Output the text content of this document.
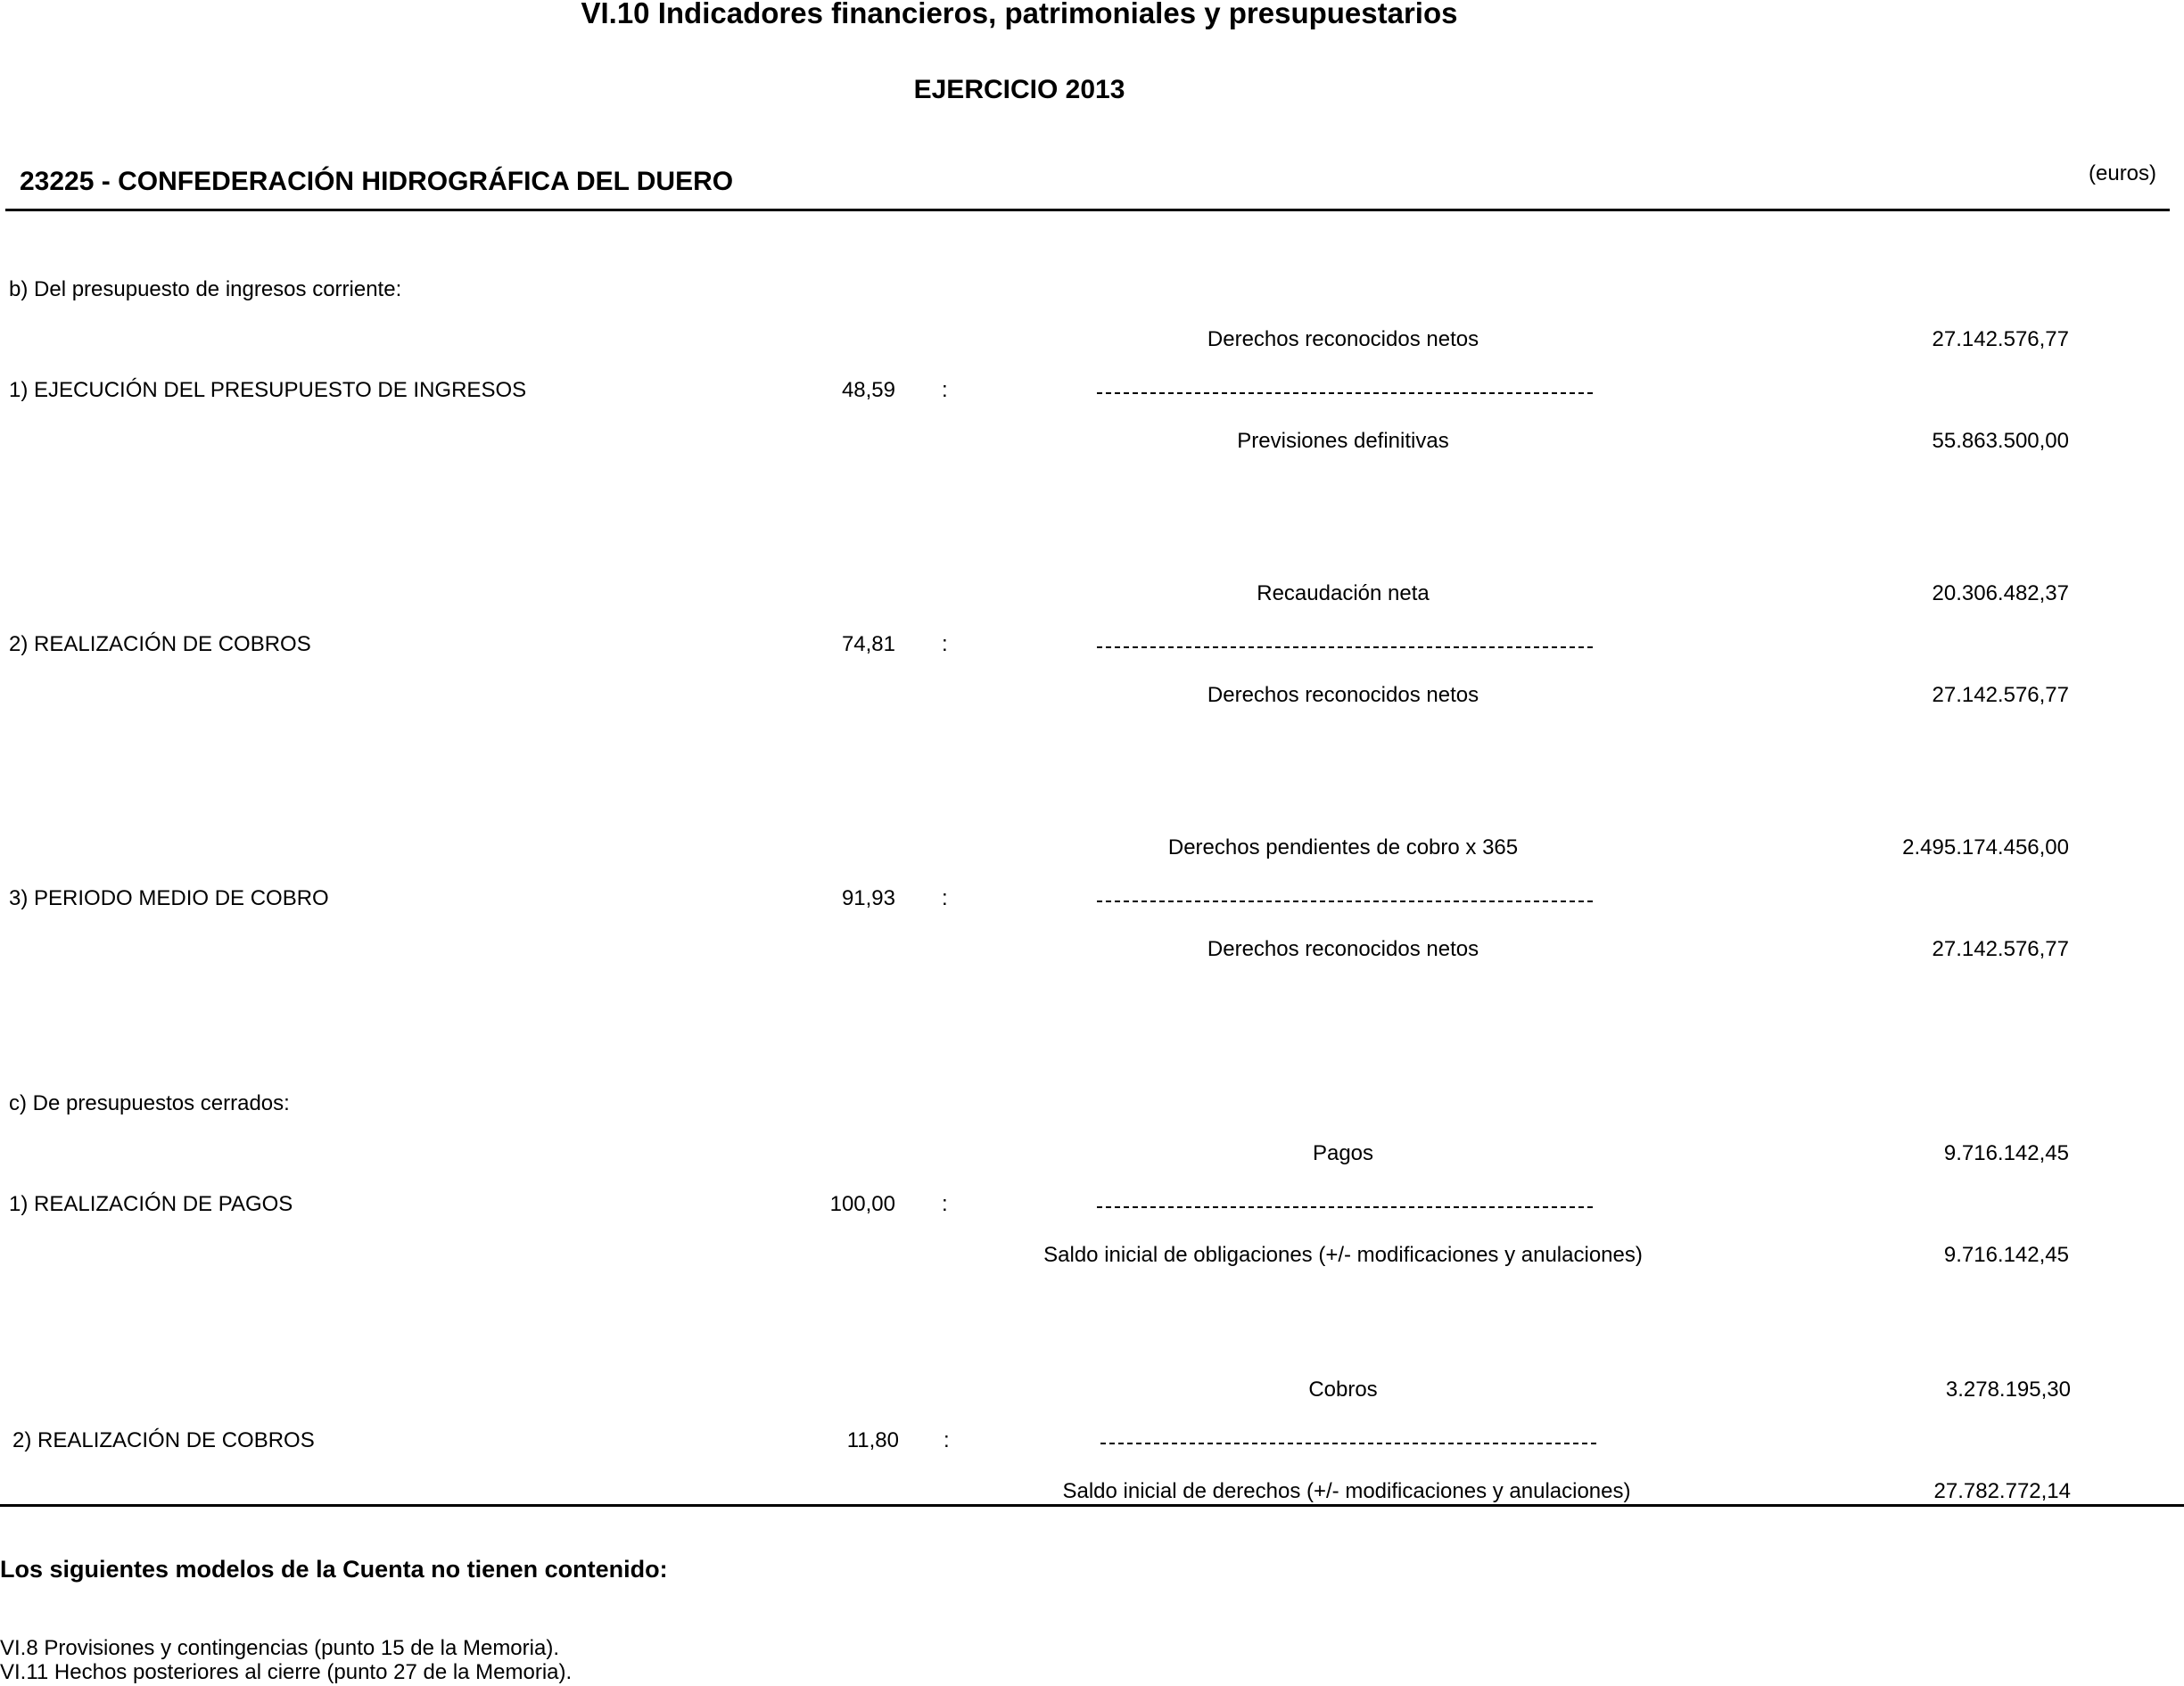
VI.10 Indicadores financieros, patrimoniales y presupuestarios
EJERCICIO 2013
23225 - CONFEDERACIÓN HIDROGRÁFICA DEL DUERO	(euros)
b) Del presupuesto de ingresos corriente:
Derechos reconocidos netos	27.142.576,77
1) EJECUCIÓN DEL PRESUPUESTO DE INGRESOS	48,59 :
Previsiones definitivas	55.863.500,00
Recaudación neta	20.306.482,37
2) REALIZACIÓN DE COBROS	74,81 :
Derechos reconocidos netos	27.142.576,77
Derechos pendientes de cobro x 365	2.495.174.456,00
3) PERIODO MEDIO DE COBRO	91,93 :
Derechos reconocidos netos	27.142.576,77
c) De presupuestos cerrados:
Pagos	9.716.142,45
1) REALIZACIÓN DE PAGOS	100,00 :
Saldo inicial de obligaciones (+/- modificaciones y anulaciones)	9.716.142,45
Cobros	3.278.195,30
2) REALIZACIÓN DE COBROS	11,80 :
Saldo inicial de derechos (+/- modificaciones y anulaciones)	27.782.772,14
Los siguientes modelos de la Cuenta no tienen contenido:
VI.8 Provisiones y contingencias (punto 15 de la Memoria).
VI.11 Hechos posteriores al cierre (punto 27 de la Memoria).
